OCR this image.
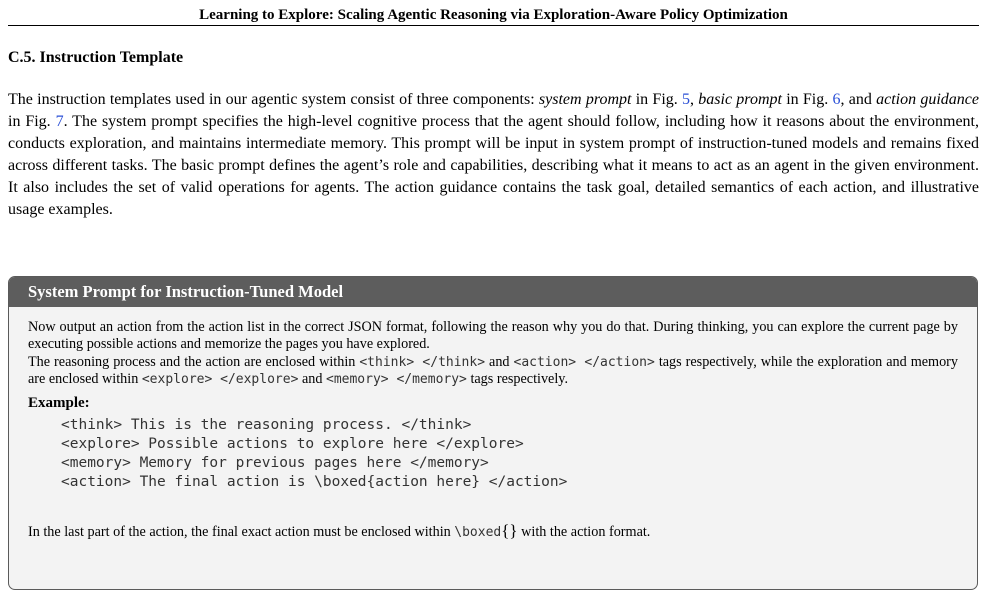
Learning to Explore: Scaling Agentic Reasoning via Exploration-Aware Policy Optimization
C.5. Instruction Template

The instruction templates used in our agentic system consist of three components: system prompt in Fig. 5, basic prompt in Fig. 6, and action guidance in Fig. 7. The system prompt specifies the high-level cognitive process that the agent should follow, including how it reasons about the environment, conducts exploration, and maintains intermediate memory. This prompt will be input in system prompt of instruction-tuned models and remains fixed across different tasks. The basic prompt defines the agent’s role and capabilities, describing what it means to act as an agent in the given environment. It also includes the set of valid operations for agents. The action guidance contains the task goal, detailed semantics of each action, and illustrative usage examples.

System Prompt for Instruction-Tuned Model

Now output an action from the action list in the correct JSON format, following the reason why you do that. During thinking, you can explore the current page by executing possible actions and memorize the pages you have explored.

The reasoning process and the action are enclosed within <think> </think> and <action> </action> tags respectively, while the exploration and memory are enclosed within <explore> </explore> and <memory> </memory> tags respectively.

Example:

<think> This is the reasoning process. </think>
<explore> Possible actions to explore here </explore>
<memory> Memory for previous pages here </memory>
<action> The final action is \boxed{action here} </action>

In the last part of the action, the final exact action must be enclosed within \boxed{} with the action format.
